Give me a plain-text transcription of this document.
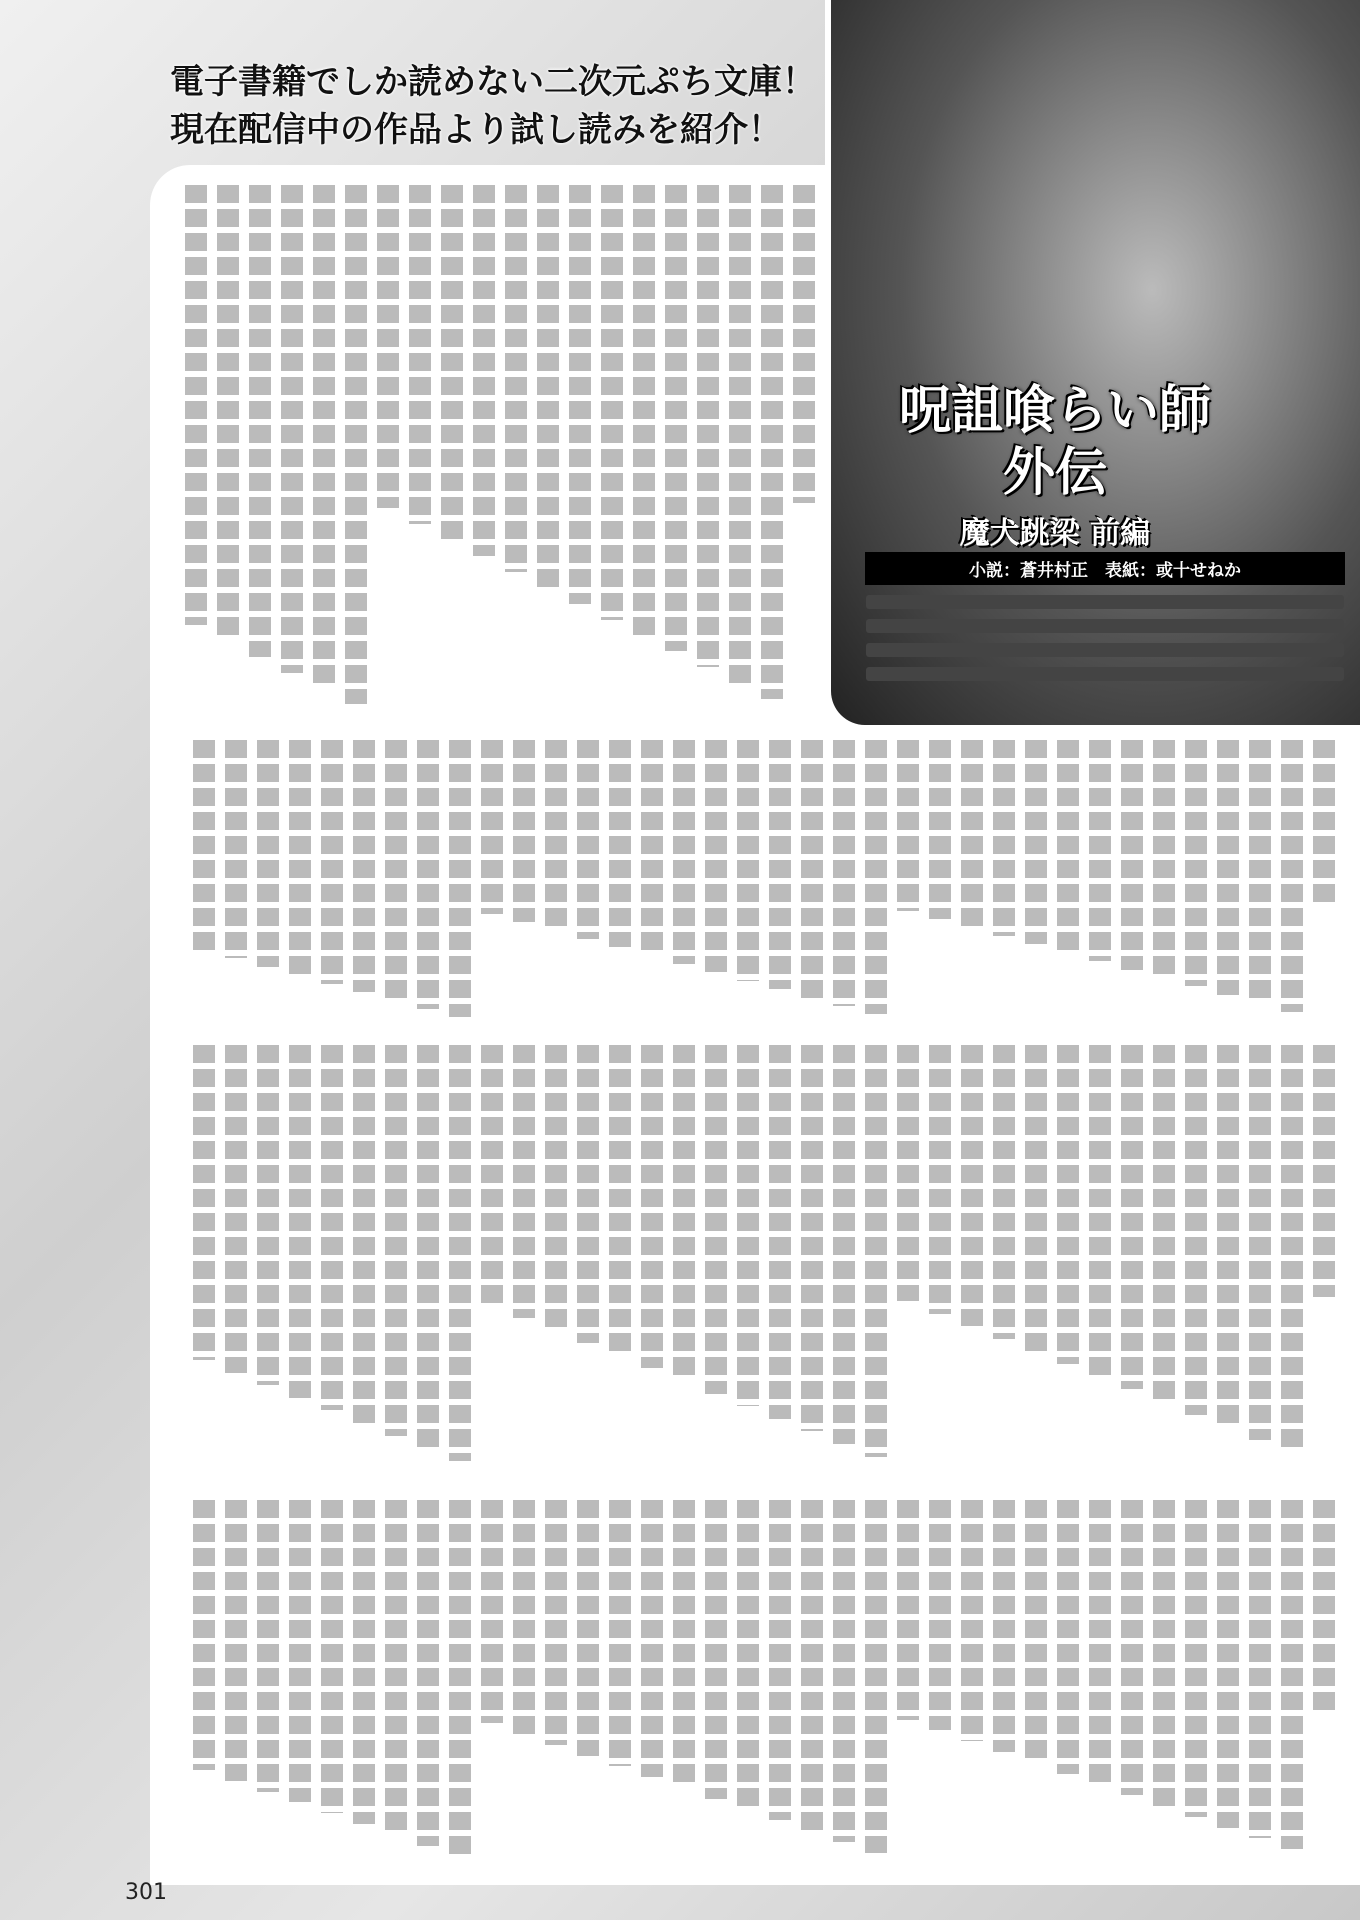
電子書籍でしか読めない二次元ぷち文庫！
現在配信中の作品より試し読みを紹介！
呪詛喰らい師外伝
魔犬跳梁 前編
小説：蒼井村正　表紙：或十せねか
301
